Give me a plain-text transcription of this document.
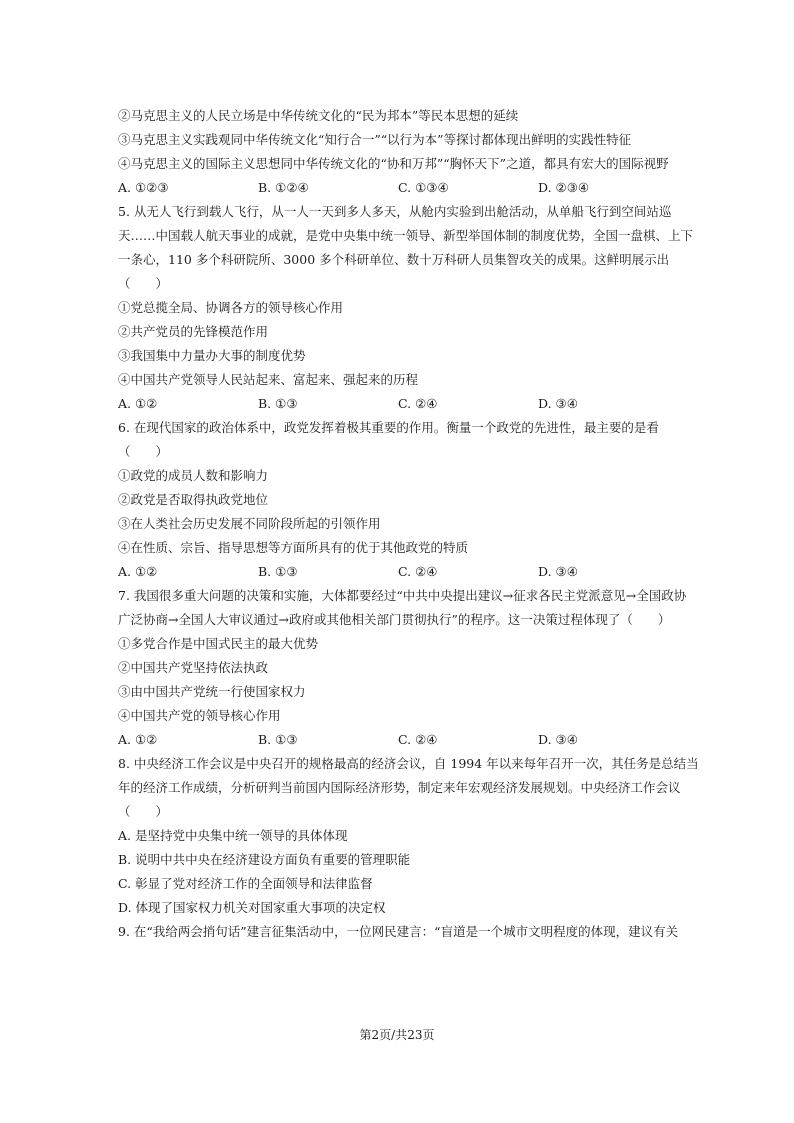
②马克思主义的人民立场是中华传统文化的“民为邦本”等民本思想的延续
③马克思主义实践观同中华传统文化“知行合一”“以行为本”等探讨都体现出鲜明的实践性特征
④马克思主义的国际主义思想同中华传统文化的“协和万邦”“胸怀天下”之道，都具有宏大的国际视野
A. ①②③	B. ①②④	C. ①③④	D. ②③④
5. 从无人飞行到载人飞行，从一人一天到多人多天，从舱内实验到出舱活动，从单船飞行到空间站巡
天……中国载人航天事业的成就，是党中央集中统一领导、新型举国体制的制度优势，全国一盘棋、上下
一条心，110 多个科研院所、3000 多个科研单位、数十万科研人员集智攻关的成果。这鲜明展示出
（　　）
①党总揽全局、协调各方的领导核心作用
②共产党员的先锋模范作用
③我国集中力量办大事的制度优势
④中国共产党领导人民站起来、富起来、强起来的历程
A. ①②	B. ①③	C. ②④	D. ③④
6. 在现代国家的政治体系中，政党发挥着极其重要的作用。衡量一个政党的先进性，最主要的是看
（　　）
①政党的成员人数和影响力
②政党是否取得执政党地位
③在人类社会历史发展不同阶段所起的引领作用
④在性质、宗旨、指导思想等方面所具有的优于其他政党的特质
A. ①②	B. ①③	C. ②④	D. ③④
7. 我国很多重大问题的决策和实施，大体都要经过“中共中央提出建议→征求各民主党派意见→全国政协
广泛协商→全国人大审议通过→政府或其他相关部门贯彻执行”的程序。这一决策过程体现了（　　）
①多党合作是中国式民主的最大优势
②中国共产党坚持依法执政
③由中国共产党统一行使国家权力
④中国共产党的领导核心作用
A. ①②	B. ①③	C. ②④	D. ③④
8. 中央经济工作会议是中央召开的规格最高的经济会议，自 1994 年以来每年召开一次，其任务是总结当
年的经济工作成绩，分析研判当前国内国际经济形势，制定来年宏观经济发展规划。中央经济工作会议
（　　）
A. 是坚持党中央集中统一领导的具体体现
B. 说明中共中央在经济建设方面负有重要的管理职能
C. 彰显了党对经济工作的全面领导和法律监督
D. 体现了国家权力机关对国家重大事项的决定权
9. 在“我给两会捎句话”建言征集活动中，一位网民建言：“盲道是一个城市文明程度的体现，建议有关
第2页/共23页
